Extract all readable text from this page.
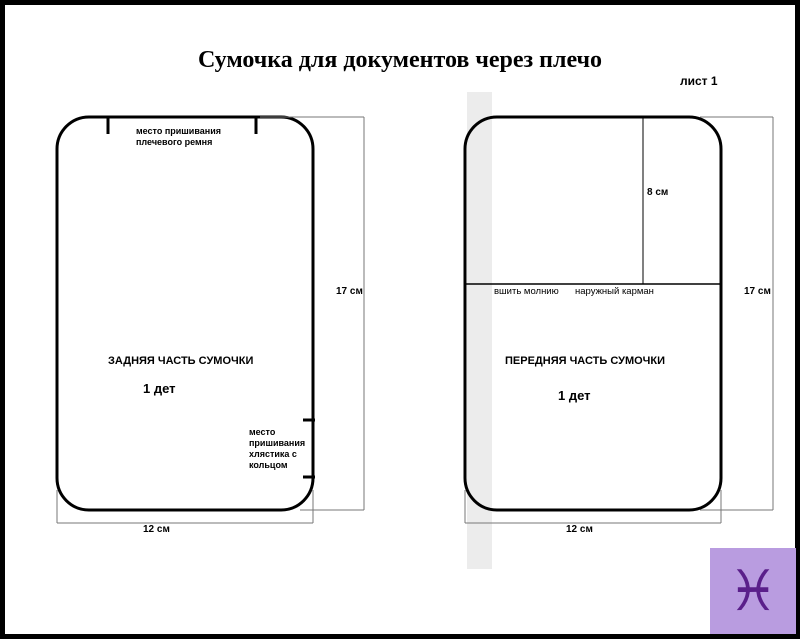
Сумочка для документов через плечо
лист 1
место пришивания
плечевого ремня
ЗАДНЯЯ ЧАСТЬ СУМОЧКИ
1 дет
место
пришивания
хлястика с
кольцом
17 см
12 см
8 см
вшить молнию наружный карман
ПЕРЕДНЯЯ ЧАСТЬ СУМОЧКИ
1 дет
17 см
12 см
♓
